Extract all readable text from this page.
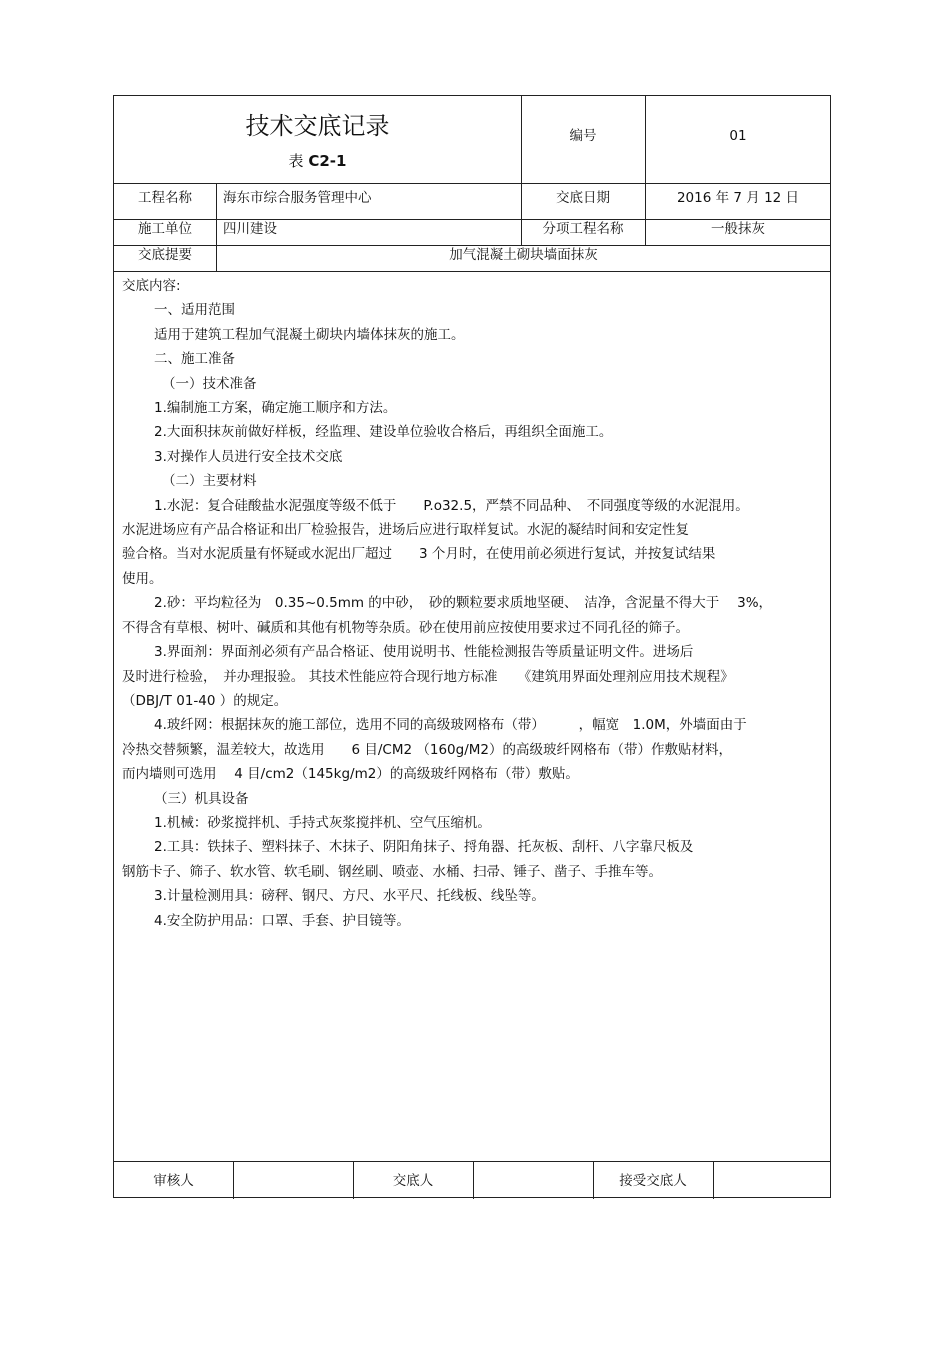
技术交底记录
表 C2-1
编号	01
工程名称	海东市综合服务管理中心	交底日期	2016 年 7 月 12 日
施工单位	四川建设	分项工程名称	一般抹灰
交底提要	加气混凝土砌块墙面抹灰

交底内容:

一、适用范围

适用于建筑工程加气混凝土砌块内墙体抹灰的施工。

二、施工准备

（一）技术准备

1.编制施工方案，确定施工顺序和方法。

2.大面积抹灰前做好样板，经监理、建设单位验收合格后，再组织全面施工。

3.对操作人员进行安全技术交底

（二）主要材料

1.水泥：复合硅酸盐水泥强度等级不低于　　P.o32.5，严禁不同品种、　不同强度等级的水泥混用。

水泥进场应有产品合格证和出厂检验报告，进场后应进行取样复试。水泥的凝结时间和安定性复

验合格。当对水泥质量有怀疑或水泥出厂超过　　3 个月时，在使用前必须进行复试，并按复试结果

使用。

2.砂：平均粒径为　0.35~0.5mm 的中砂，　砂的颗粒要求质地坚硬、　洁净，含泥量不得大于　 3%，

不得含有草根、树叶、碱质和其他有机物等杂质。砂在使用前应按使用要求过不同孔径的筛子。

3.界面剂：界面剂必须有产品合格证、使用说明书、性能检测报告等质量证明文件。进场后

及时进行检验，　并办理报验。 其技术性能应符合现行地方标准　　《建筑用界面处理剂应用技术规程》

（DBJ/T 01-40 ）的规定。

4.玻纤网：根据抹灰的施工部位，选用不同的高级玻网格布（带）　　　，幅宽　1.0M，外墙面由于

冷热交替频繁，温差较大，故选用　　6 目/CM2 （160g/M2）的高级玻纤网格布（带）作敷贴材料，

而内墙则可选用　 4 目/cm2（145kg/m2）的高级玻纤网格布（带）敷贴。

（三）机具设备

1.机械：砂浆搅拌机、手持式灰浆搅拌机、空气压缩机。

2.工具：铁抹子、塑料抹子、木抹子、阴阳角抹子、捋角器、托灰板、刮杆、八字靠尺板及

钢筋卡子、筛子、软水管、软毛刷、钢丝刷、喷壶、水桶、扫帚、锤子、凿子、手推车等。

3.计量检测用具：磅秤、钢尺、方尺、水平尺、托线板、线坠等。

4.安全防护用品：口罩、手套、护目镜等。

审核人	交底人	接受交底人
